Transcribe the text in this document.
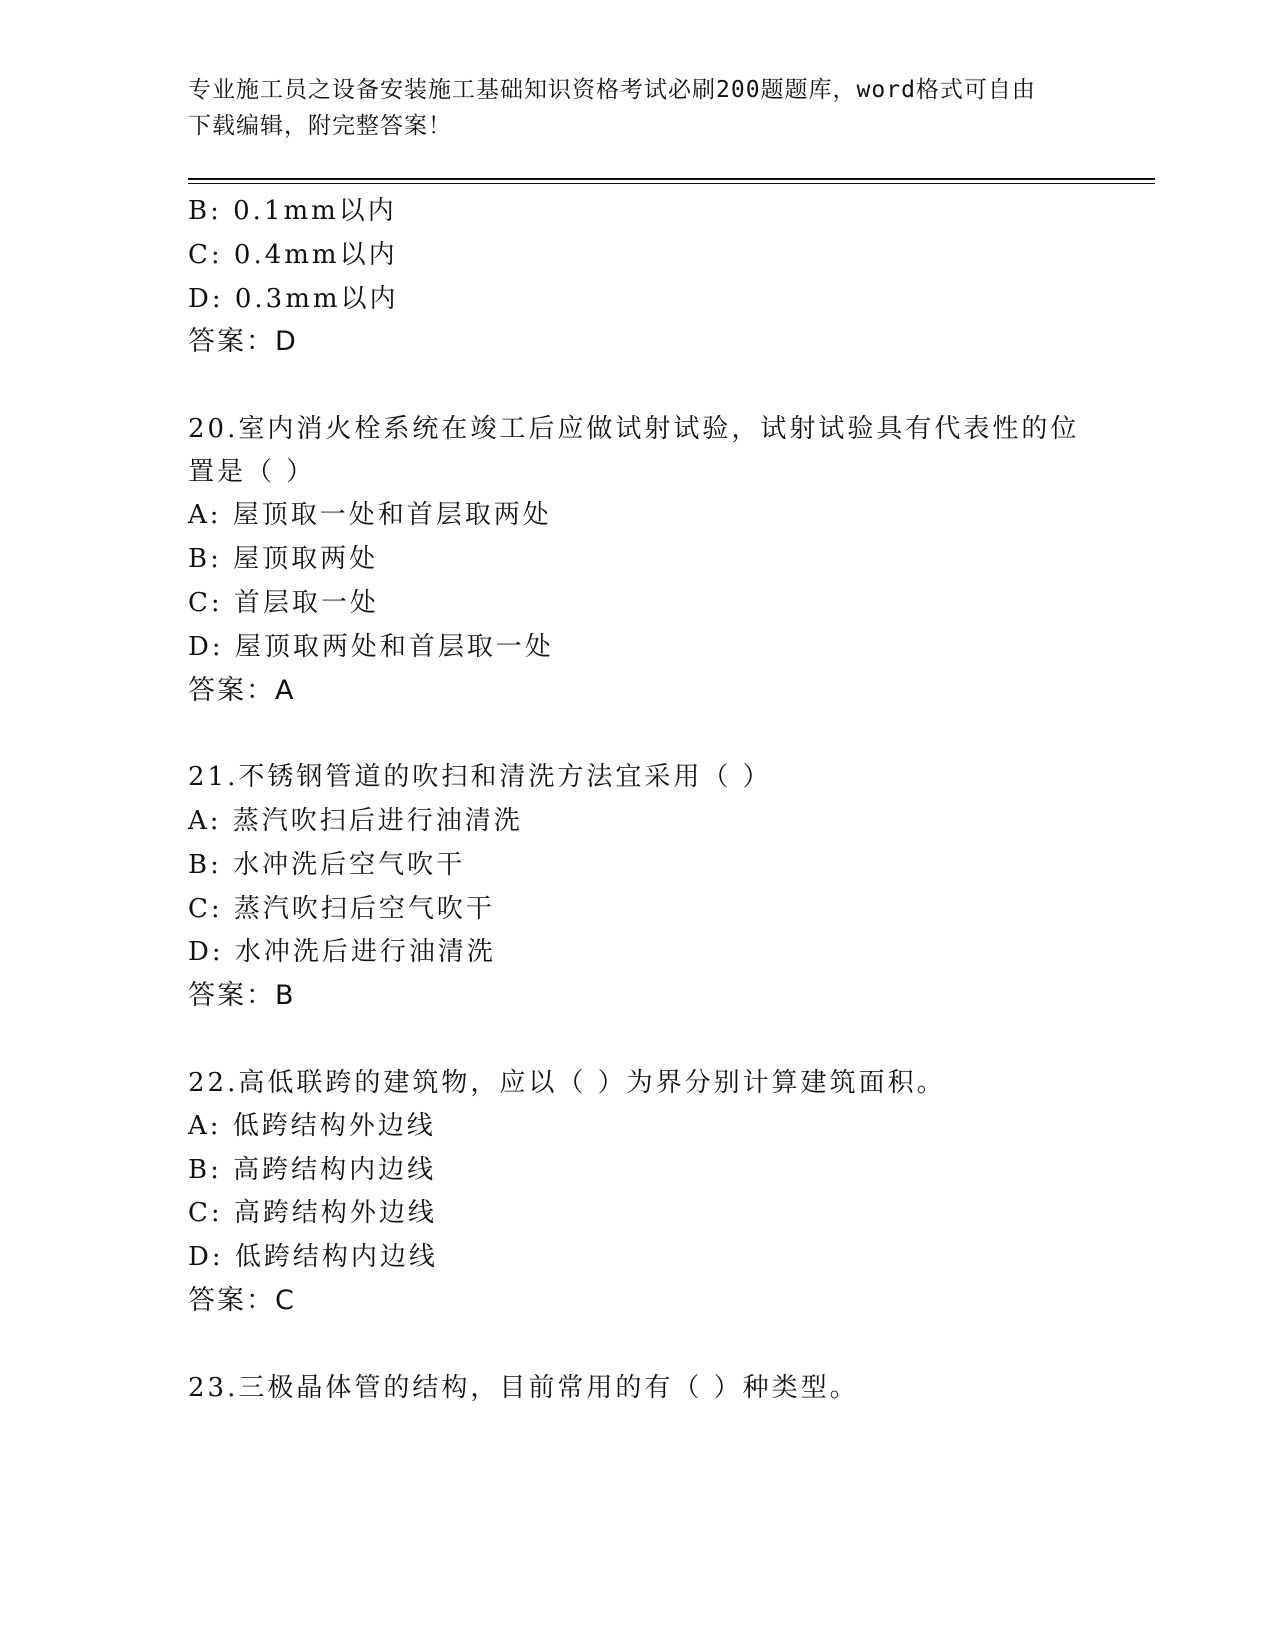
专业施工员之设备安装施工基础知识资格考试必刷200题题库，word格式可自由
下载编辑，附完整答案！
B: 0.1mm以内
C: 0.4mm以内
D: 0.3mm以内
答案：D
20.室内消火栓系统在竣工后应做试射试验，试射试验具有代表性的位
置是（ ）
A: 屋顶取一处和首层取两处
B: 屋顶取两处
C: 首层取一处
D: 屋顶取两处和首层取一处
答案：A
21.不锈钢管道的吹扫和清洗方法宜采用（ ）
A: 蒸汽吹扫后进行油清洗
B: 水冲洗后空气吹干
C: 蒸汽吹扫后空气吹干
D: 水冲洗后进行油清洗
答案：B
22.高低联跨的建筑物，应以（ ）为界分别计算建筑面积。
A: 低跨结构外边线
B: 高跨结构内边线
C: 高跨结构外边线
D: 低跨结构内边线
答案：C
23.三极晶体管的结构，目前常用的有（ ）种类型。
